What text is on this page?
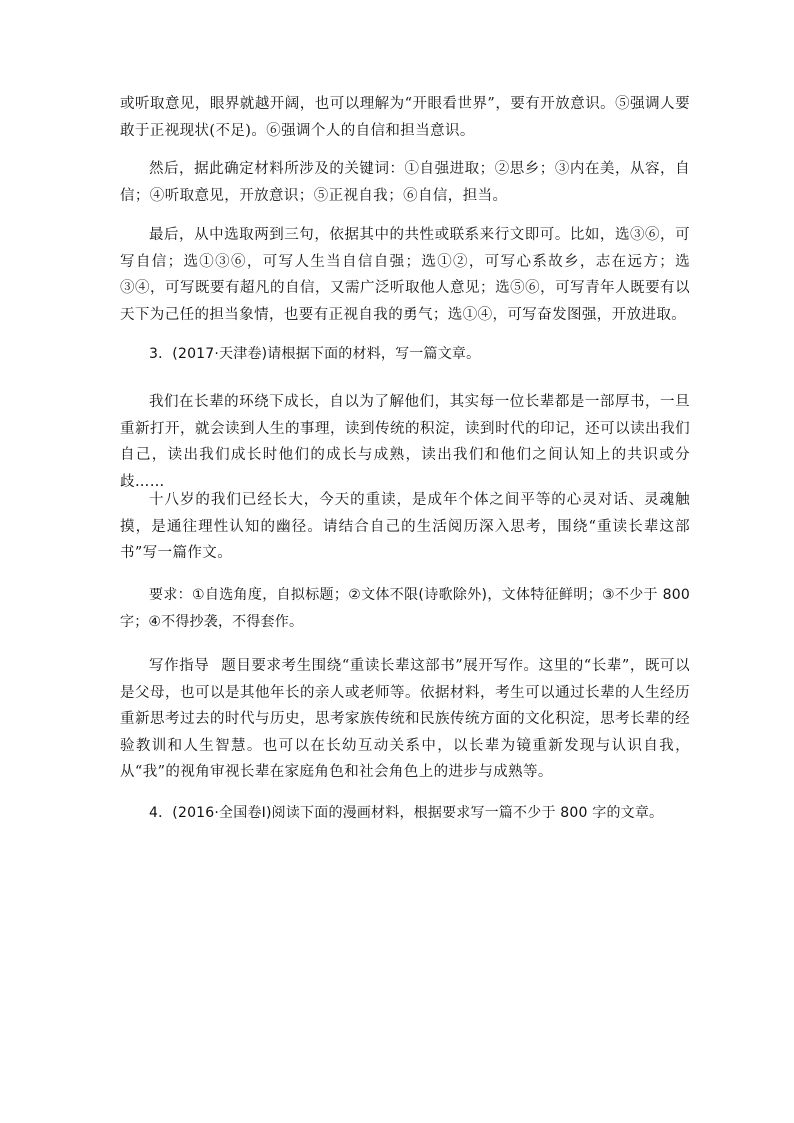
或听取意见，眼界就越开阔，也可以理解为“开眼看世界”，要有开放意识。⑤强调人要敢于正视现状(不足)。⑥强调个人的自信和担当意识。

然后，据此确定材料所涉及的关键词：①自强进取；②思乡；③内在美，从容，自信；④听取意见，开放意识；⑤正视自我；⑥自信，担当。

最后，从中选取两到三句，依据其中的共性或联系来行文即可。比如，选③⑥，可写自信；选①③⑥，可写人生当自信自强；选①②，可写心系故乡，志在远方；选③④，可写既要有超凡的自信，又需广泛听取他人意见；选⑤⑥，可写青年人既要有以天下为己任的担当象情，也要有正视自我的勇气；选①④，可写奋发图强，开放进取。

3．(2017·天津卷)请根据下面的材料，写一篇文章。

我们在长辈的环绕下成长，自以为了解他们，其实每一位长辈都是一部厚书，一旦重新打开，就会读到人生的事理，读到传统的积淀，读到时代的印记，还可以读出我们自己，读出我们成长时他们的成长与成熟，读出我们和他们之间认知上的共识或分歧……

十八岁的我们已经长大，今天的重读，是成年个体之间平等的心灵对话、灵魂触摸，是通往理性认知的幽径。请结合自己的生活阅历深入思考，围绕“重读长辈这部书”写一篇作文。

要求：①自选角度，自拟标题；②文体不限(诗歌除外)，文体特征鲜明；③不少于 800 字；④不得抄袭，不得套作。

写作指导 题目要求考生围绕“重读长辈这部书”展开写作。这里的“长辈”，既可以是父母，也可以是其他年长的亲人或老师等。依据材料，考生可以通过长辈的人生经历重新思考过去的时代与历史，思考家族传统和民族传统方面的文化积淀，思考长辈的经验教训和人生智慧。也可以在长幼互动关系中，以长辈为镜重新发现与认识自我，从“我”的视角审视长辈在家庭角色和社会角色上的进步与成熟等。

4．(2016·全国卷Ⅰ)阅读下面的漫画材料，根据要求写一篇不少于 800 字的文章。
